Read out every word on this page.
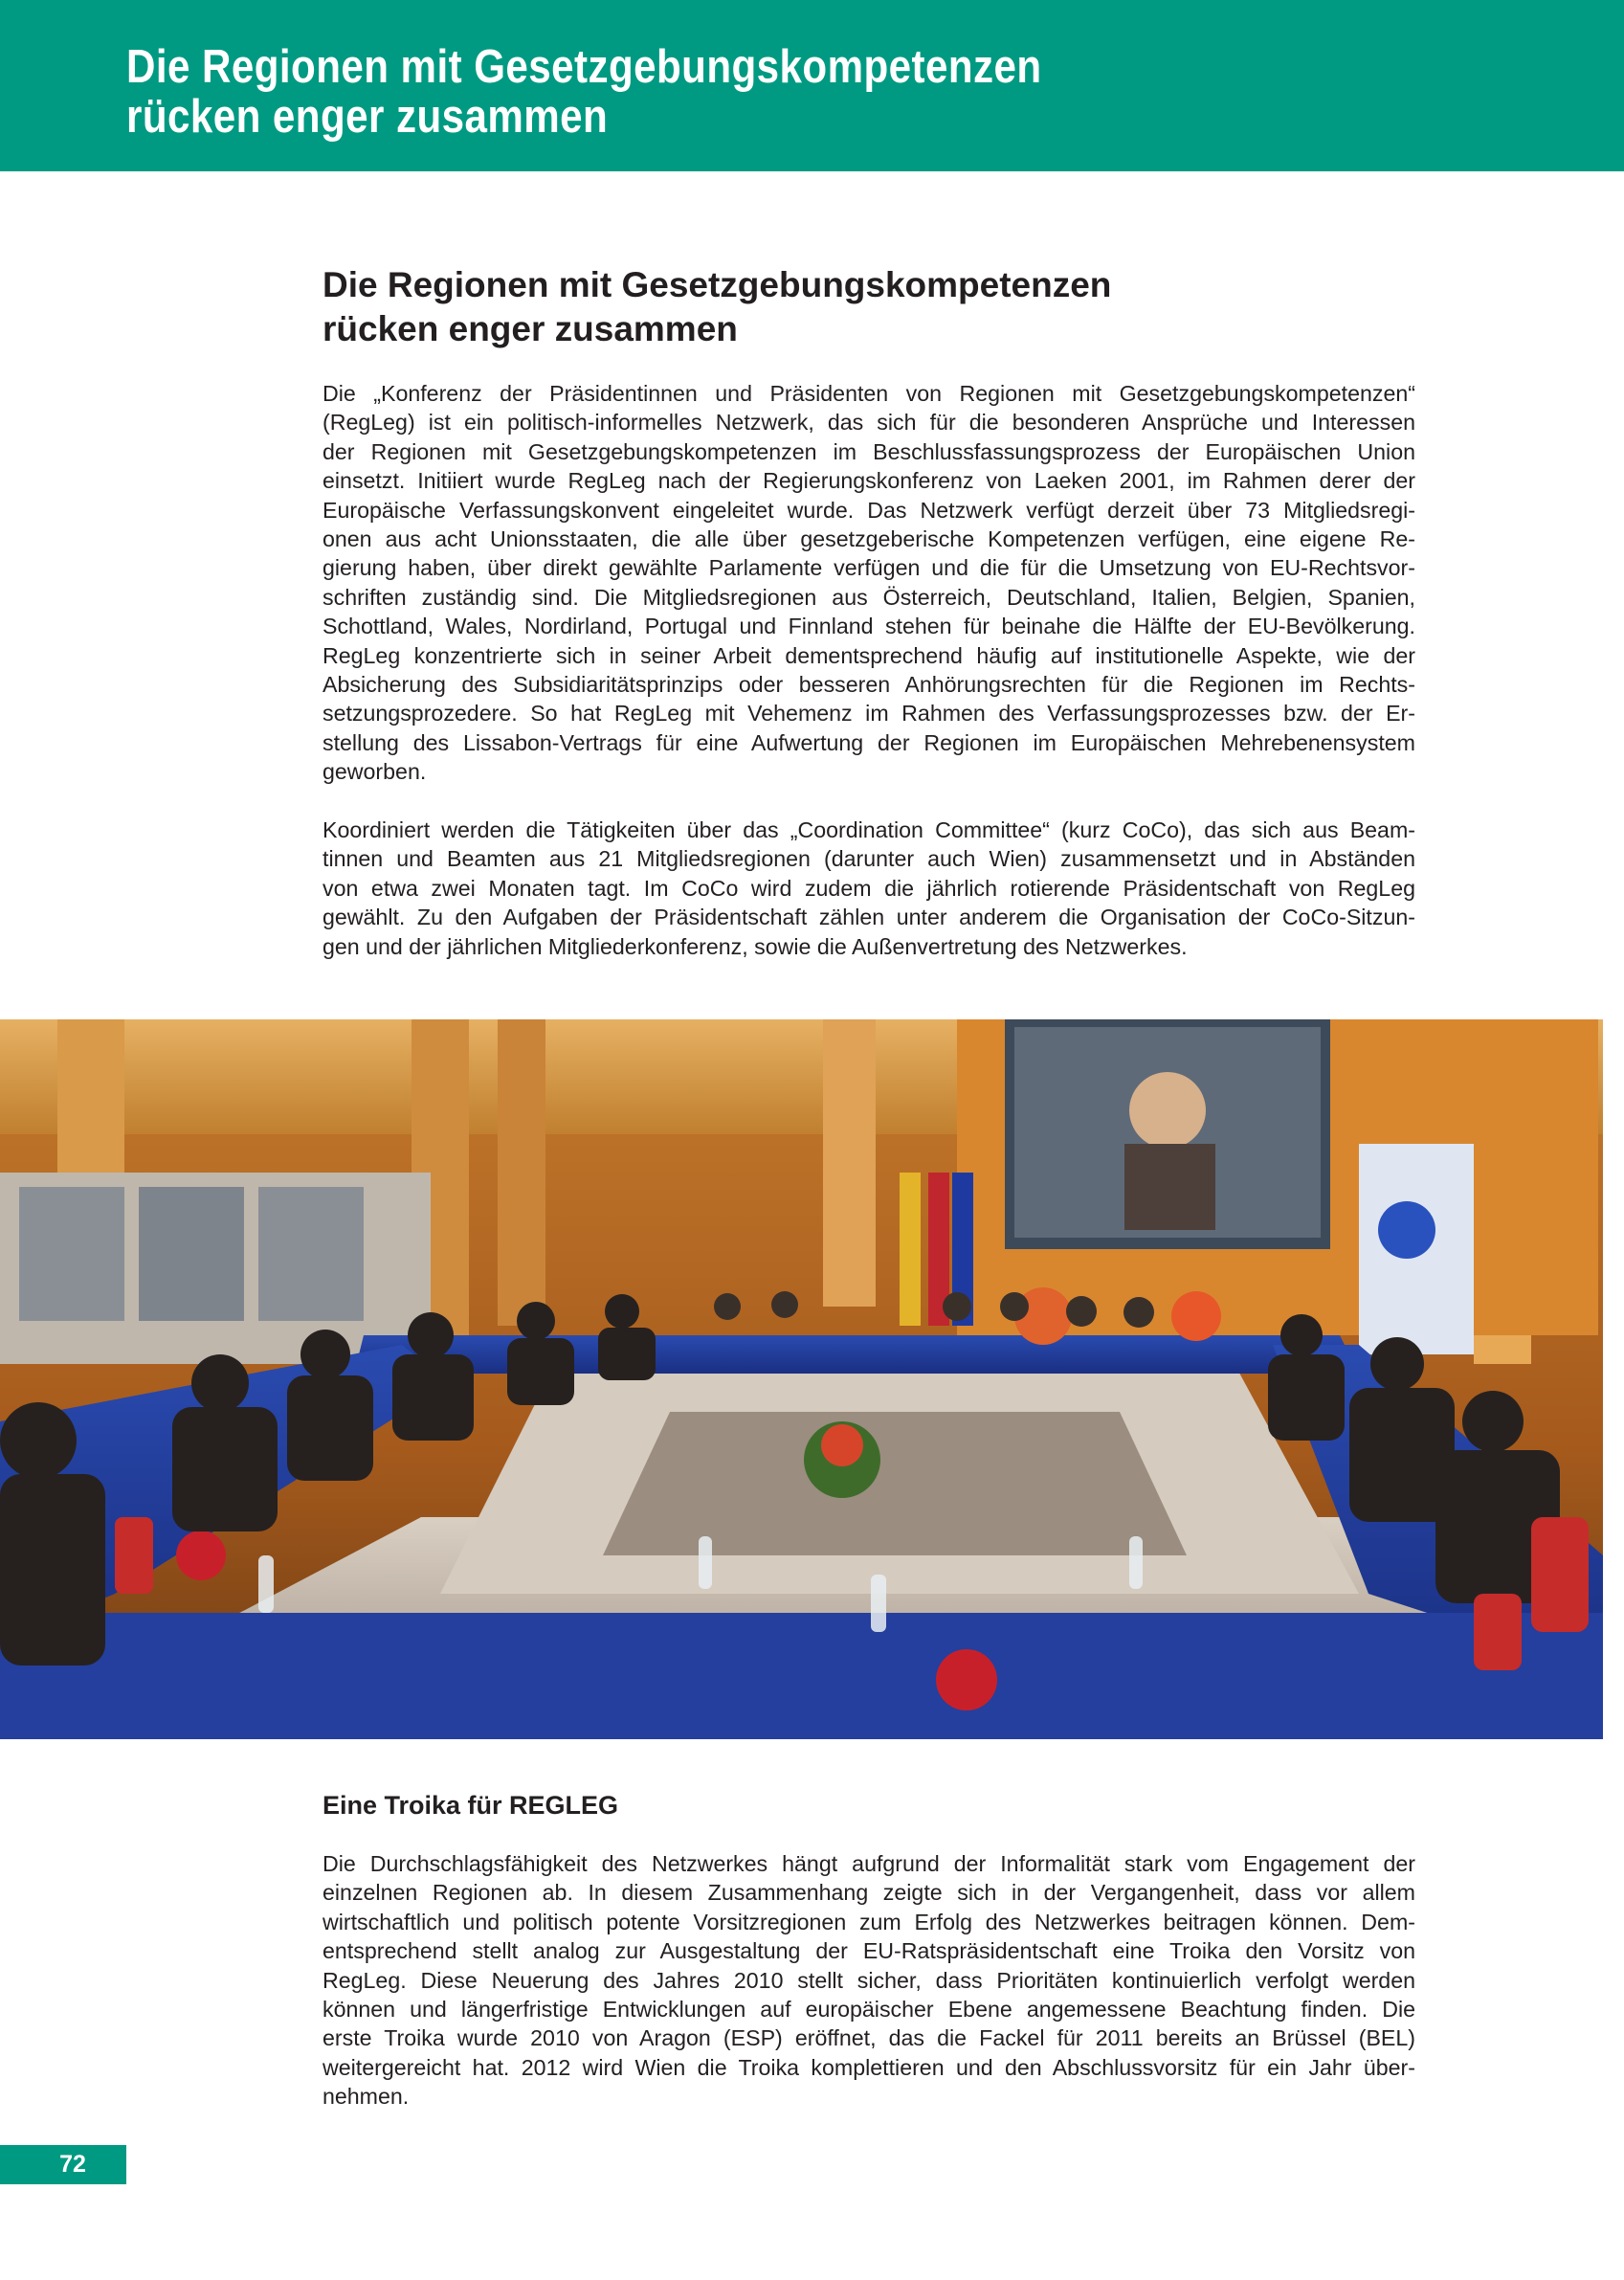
Die Regionen mit Gesetzgebungskompetenzen
rücken enger zusammen
Die Regionen mit Gesetzgebungskompetenzen
rücken enger zusammen
Die „Konferenz der Präsidentinnen und Präsidenten von Regionen mit Gesetzgebungskompetenzen“
(RegLeg) ist ein politisch-informelles Netzwerk, das sich für die besonderen Ansprüche und Interessen
der Regionen mit Gesetzgebungskompetenzen im Beschlussfassungsprozess der Europäischen Union
einsetzt. Initiiert wurde RegLeg nach der Regierungskonferenz von Laeken 2001, im Rahmen derer der
Europäische Verfassungskonvent eingeleitet wurde. Das Netzwerk verfügt derzeit über 73 Mitgliedsregi-
onen aus acht Unionsstaaten, die alle über gesetzgeberische Kompetenzen verfügen, eine eigene Re-
gierung haben, über direkt gewählte Parlamente verfügen und die für die Umsetzung von EU-Rechtsvor-
schriften zuständig sind. Die Mitgliedsregionen aus Österreich, Deutschland, Italien, Belgien, Spanien,
Schottland, Wales, Nordirland, Portugal und Finnland stehen für beinahe die Hälfte der EU-Bevölkerung.
RegLeg konzentrierte sich in seiner Arbeit dementsprechend häufig auf institutionelle Aspekte, wie der
Absicherung des Subsidiaritätsprinzips oder besseren Anhörungsrechten für die Regionen im Rechts-
setzungsprozedere. So hat RegLeg mit Vehemenz im Rahmen des Verfassungsprozesses bzw. der Er-
stellung des Lissabon-Vertrags für eine Aufwertung der Regionen im Europäischen Mehrebenensystem
geworben.
Koordiniert werden die Tätigkeiten über das „Coordination Committee“ (kurz CoCo), das sich aus Beam-
tinnen und Beamten aus 21 Mitgliedsregionen (darunter auch Wien) zusammensetzt und in Abständen
von etwa zwei Monaten tagt. Im CoCo wird zudem die jährlich rotierende Präsidentschaft von RegLeg
gewählt. Zu den Aufgaben der Präsidentschaft zählen unter anderem die Organisation der CoCo-Sitzun-
gen und der jährlichen Mitgliederkonferenz, sowie die Außenvertretung des Netzwerkes.
Eine Troika für REGLEG
Die Durchschlagsfähigkeit des Netzwerkes hängt aufgrund der Informalität stark vom Engagement der
einzelnen Regionen ab. In diesem Zusammenhang zeigte sich in der Vergangenheit, dass vor allem
wirtschaftlich und politisch potente Vorsitzregionen zum Erfolg des Netzwerkes beitragen können. Dem-
entsprechend stellt analog zur Ausgestaltung der EU-Ratspräsidentschaft eine Troika den Vorsitz von
RegLeg. Diese Neuerung des Jahres 2010 stellt sicher, dass Prioritäten kontinuierlich verfolgt werden
können und längerfristige Entwicklungen auf europäischer Ebene angemessene Beachtung finden. Die
erste Troika wurde 2010 von Aragon (ESP) eröffnet, das die Fackel für 2011 bereits an Brüssel (BEL)
weitergereicht hat. 2012 wird Wien die Troika komplettieren und den Abschlussvorsitz für ein Jahr über-
nehmen.
72
